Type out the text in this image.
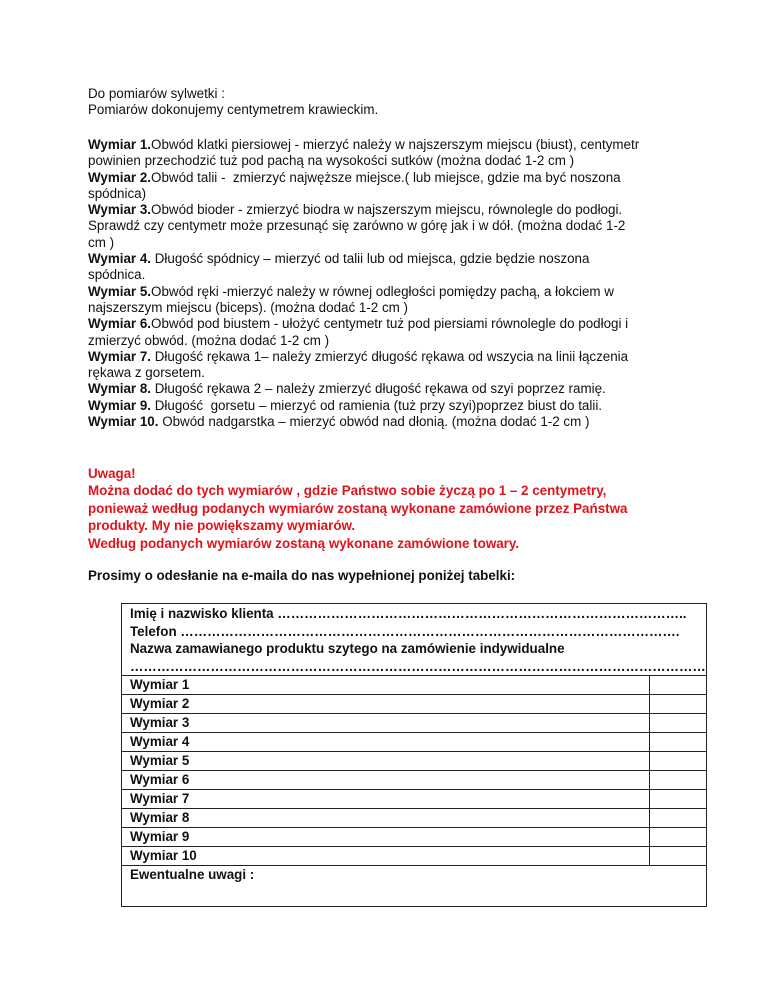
Do pomiarów sylwetki :
Pomiarów dokonujemy centymetrem krawieckim.
Wymiar 1.Obwód klatki piersiowej - mierzyć należy w najszerszym miejscu (biust), centymetr
powinien przechodzić tuż pod pachą na wysokości sutków (można dodać 1-2 cm )
Wymiar 2.Obwód talii -  zmierzyć najwęższe miejsce.( lub miejsce, gdzie ma być noszona
spódnica)
Wymiar 3.Obwód bioder - zmierzyć biodra w najszerszym miejscu, równolegle do podłogi.
Sprawdź czy centymetr może przesunąć się zarówno w górę jak i w dół. (można dodać 1-2
cm )
Wymiar 4. Długość spódnicy – mierzyć od talii lub od miejsca, gdzie będzie noszona
spódnica.
Wymiar 5.Obwód ręki -mierzyć należy w równej odległości pomiędzy pachą, a łokciem w
najszerszym miejscu (biceps). (można dodać 1-2 cm )
Wymiar 6.Obwód pod biustem - ułożyć centymetr tuż pod piersiami równolegle do podłogi i
zmierzyć obwód. (można dodać 1-2 cm )
Wymiar 7. Długość rękawa 1– należy zmierzyć długość rękawa od wszycia na linii łączenia
rękawa z gorsetem.
Wymiar 8. Długość rękawa 2 – należy zmierzyć długość rękawa od szyi poprzez ramię.
Wymiar 9. Długość  gorsetu – mierzyć od ramienia (tuż przy szyi)poprzez biust do talii.
Wymiar 10. Obwód nadgarstka – mierzyć obwód nad dłonią. (można dodać 1-2 cm )
Uwaga!
Można dodać do tych wymiarów , gdzie Państwo sobie życzą po 1 – 2 centymetry,
ponieważ według podanych wymiarów zostaną wykonane zamówione przez Państwa
produkty. My nie powiększamy wymiarów.
Według podanych wymiarów zostaną wykonane zamówione towary.
Prosimy o odesłanie na e-maila do nas wypełnionej poniżej tabelki:
Imię i nazwisko klienta ………………………………………………………………………………..
Telefon ………………………………………………………………………………………………….
Nazwa zamawianego produktu szytego na zamówienie indywidualne
…………………………………………………………………………………………………………………	

Wymiar 1	
Wymiar 2	
Wymiar 3	
Wymiar 4	
Wymiar 5	
Wymiar 6	
Wymiar 7	
Wymiar 8	
Wymiar 9	
Wymiar 10	
Ewentualne uwagi :	
